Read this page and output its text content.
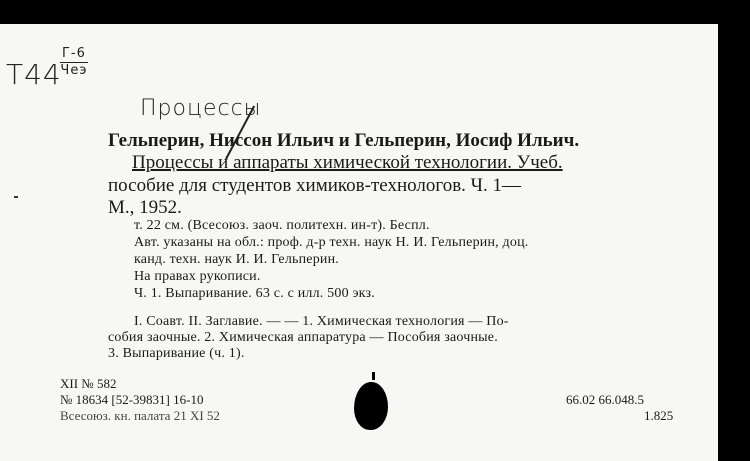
Т44
Г-6
Чеэ
Процессы
Гельперин, Ниссон Ильич и Гельперин, Иосиф Ильич.
Процессы и аппараты химической технологии. Учеб.
пособие для студентов химиков-технологов. Ч. 1—
М., 1952.
т. 22 см. (Всесоюз. заоч. политехн. ин-т). Беспл.
Авт. указаны на обл.: проф. д-р техн. наук Н. И. Гельперин, доц.
канд. техн. наук И. И. Гельперин.
На правах рукописи.
Ч. 1. Выпаривание. 63 с. с илл. 500 экз.
I. Соавт. II. Заглавие. — — 1. Химическая технология — По-
собия заочные. 2. Химическая аппаратура — Пособия заочные.
3. Выпаривание (ч. 1).
XII № 582
№ 18634 [52-39831] 16-10
Всесоюз. кн. палата 21 XI 52
66.02 66.048.5
1.825
